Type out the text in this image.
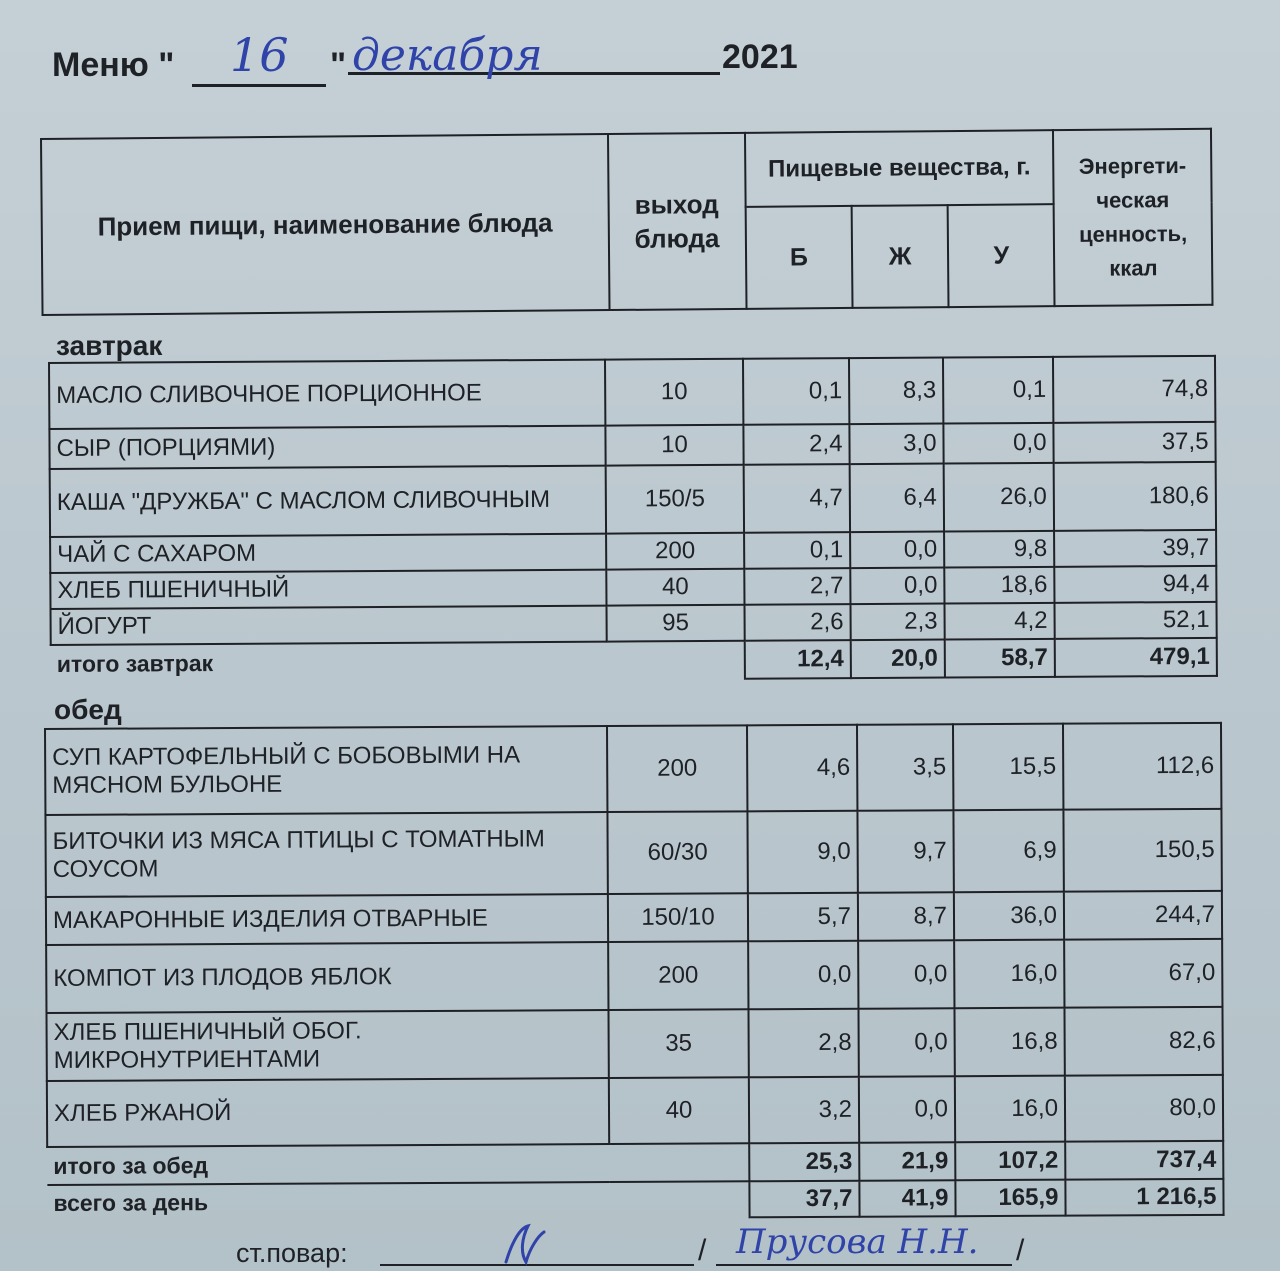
Меню " 16 " декабря	2021
Прием пищи, наименование блюда	выход блюда	Пищевые вещества, г.			Энергети-ческая ценность, ккал
		Б	Ж	У	
завтрак
МАСЛО СЛИВОЧНОЕ ПОРЦИОННОЕ	10	0,1	8,3	0,1	74,8
СЫР (ПОРЦИЯМИ)	10	2,4	3,0	0,0	37,5
КАША "ДРУЖБА" С МАСЛОМ СЛИВОЧНЫМ	150/5	4,7	6,4	26,0	180,6
ЧАЙ С САХАРОМ	200	0,1	0,0	9,8	39,7
ХЛЕБ ПШЕНИЧНЫЙ	40	2,7	0,0	18,6	94,4
ЙОГУРТ	95	2,6	2,3	4,2	52,1
итого завтрак		12,4	20,0	58,7	479,1
обед
СУП КАРТОФЕЛЬНЫЙ С БОБОВЫМИ НА МЯСНОМ БУЛЬОНЕ	200	4,6	3,5	15,5	112,6
БИТОЧКИ ИЗ МЯСА ПТИЦЫ С ТОМАТНЫМ СОУСОМ	60/30	9,0	9,7	6,9	150,5
МАКАРОННЫЕ ИЗДЕЛИЯ ОТВАРНЫЕ	150/10	5,7	8,7	36,0	244,7
КОМПОТ ИЗ ПЛОДОВ ЯБЛОК	200	0,0	0,0	16,0	67,0
ХЛЕБ ПШЕНИЧНЫЙ ОБОГ. МИКРОНУТРИЕНТАМИ	35	2,8	0,0	16,8	82,6
ХЛЕБ РЖАНОЙ	40	3,2	0,0	16,0	80,0
итого за обед		25,3	21,9	107,2	737,4
всего за день		37,7	41,9	165,9	1 216,5
ст.повар:	/ Прусова Н.Н. /
